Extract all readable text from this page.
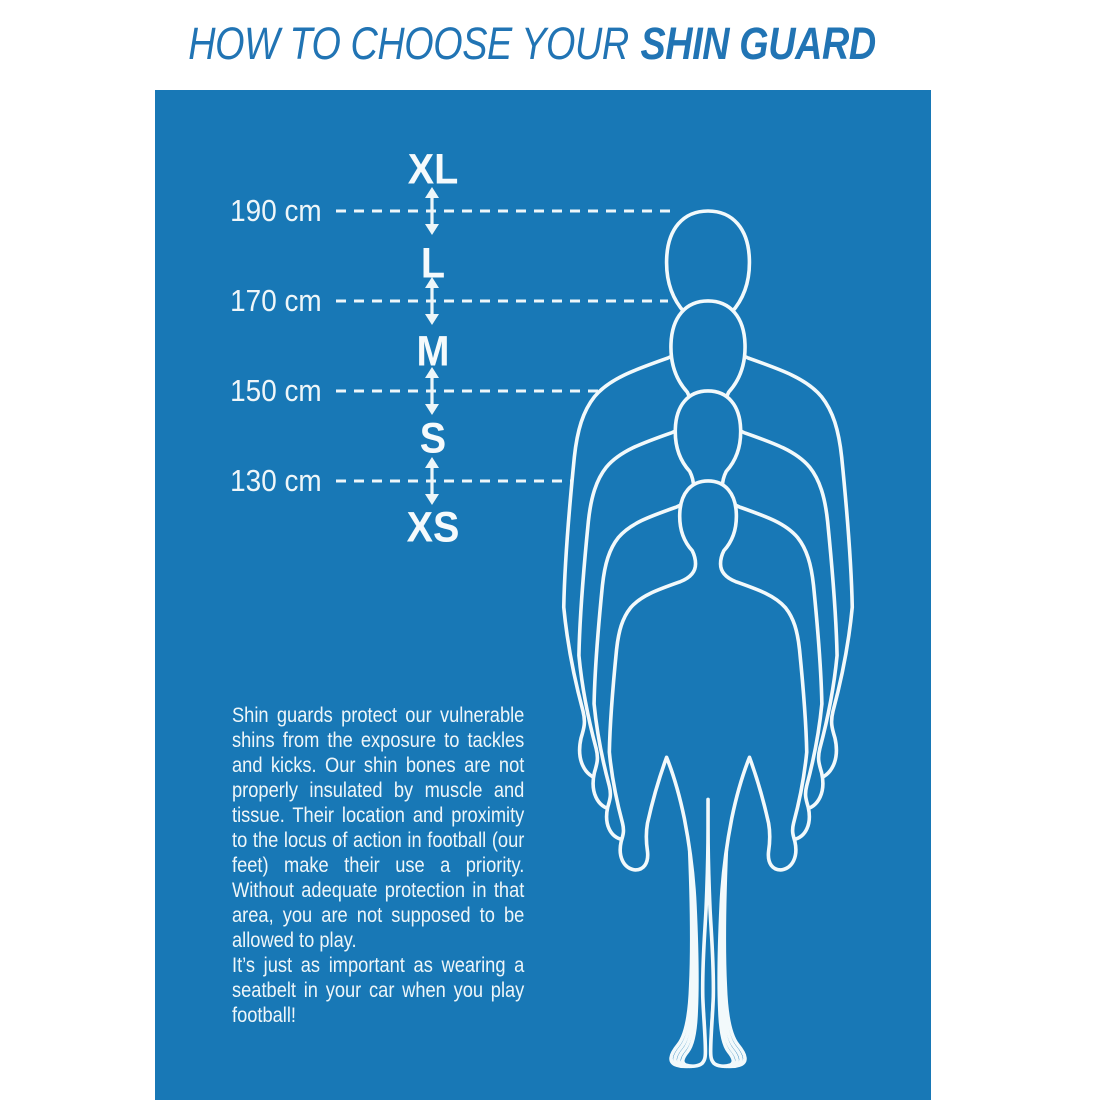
HOW TO CHOOSE YOUR SHIN GUARD
XL
L
M
S
XS
190 cm
170 cm
150 cm
130 cm

Shin guards protect our vulnerable shins from the exposure to tackles and kicks. Our shin bones are not properly insulated by muscle and tissue. Their location and proximity to the locus of action in football (our feet) make their use a priority. Without adequate protection in that area, you are not supposed to be allowed to play.

It’s just as important as wearing a seatbelt in your car when you play football!
